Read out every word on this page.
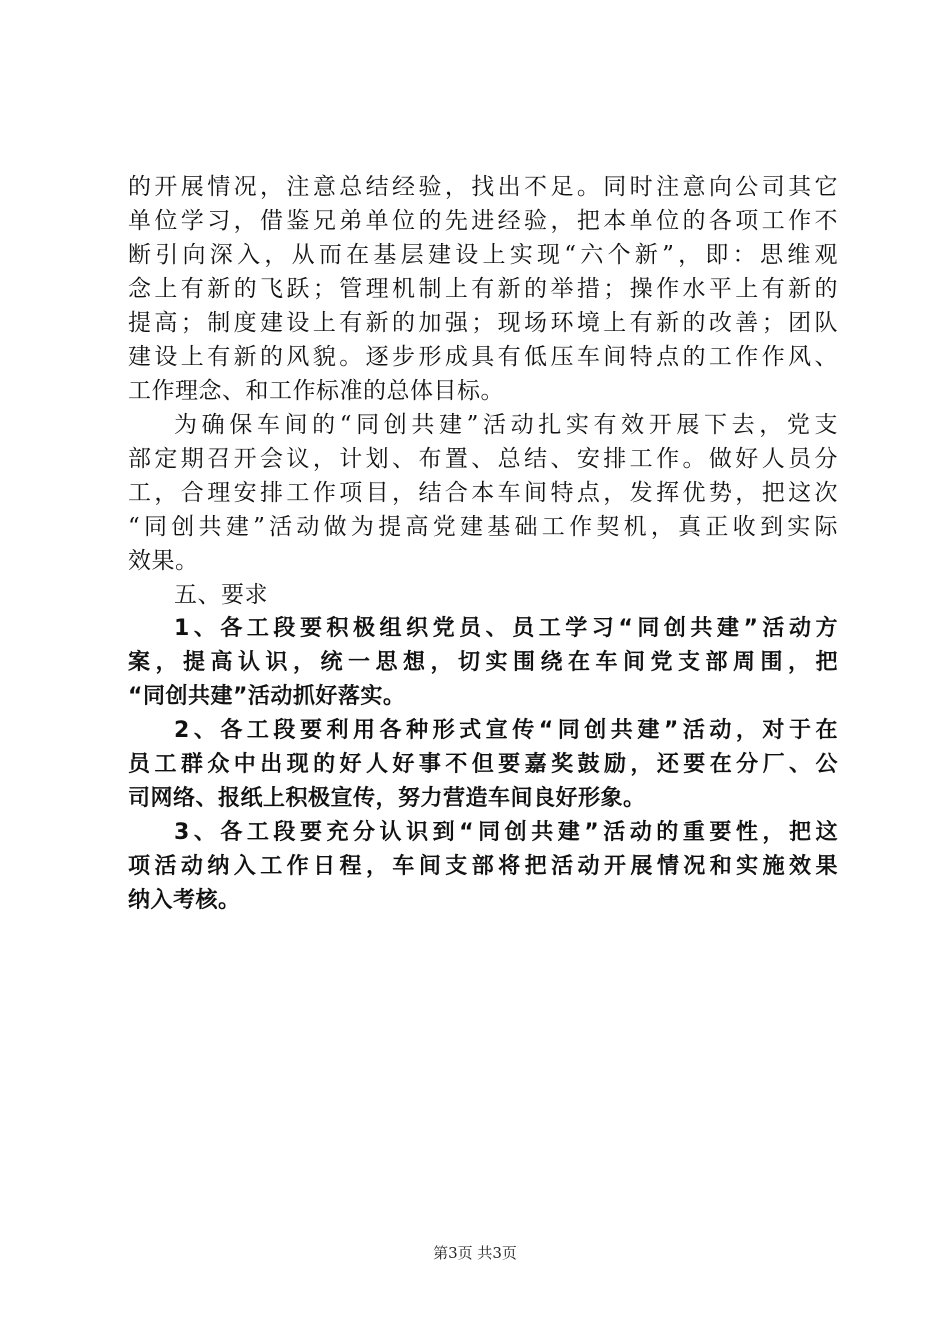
的开展情况，注意总结经验，找出不足。同时注意向公司其它
单位学习，借鉴兄弟单位的先进经验，把本单位的各项工作不
断引向深入，从而在基层建设上实现“六个新”，即：思维观
念上有新的飞跃；管理机制上有新的举措；操作水平上有新的
提高；制度建设上有新的加强；现场环境上有新的改善；团队
建设上有新的风貌。逐步形成具有低压车间特点的工作作风、
工作理念、和工作标准的总体目标。
为确保车间的“同创共建”活动扎实有效开展下去，党支
部定期召开会议，计划、布置、总结、安排工作。做好人员分
工，合理安排工作项目，结合本车间特点，发挥优势，把这次
“同创共建”活动做为提高党建基础工作契机，真正收到实际
效果。
五、要求
1、各工段要积极组织党员、员工学习“同创共建”活动方
案，提高认识，统一思想，切实围绕在车间党支部周围，把
“同创共建”活动抓好落实。
2、各工段要利用各种形式宣传“同创共建”活动，对于在
员工群众中出现的好人好事不但要嘉奖鼓励，还要在分厂、公
司网络、报纸上积极宣传，努力营造车间良好形象。
3、各工段要充分认识到“同创共建”活动的重要性，把这
项活动纳入工作日程，车间支部将把活动开展情况和实施效果
纳入考核。
第3页 共3页
